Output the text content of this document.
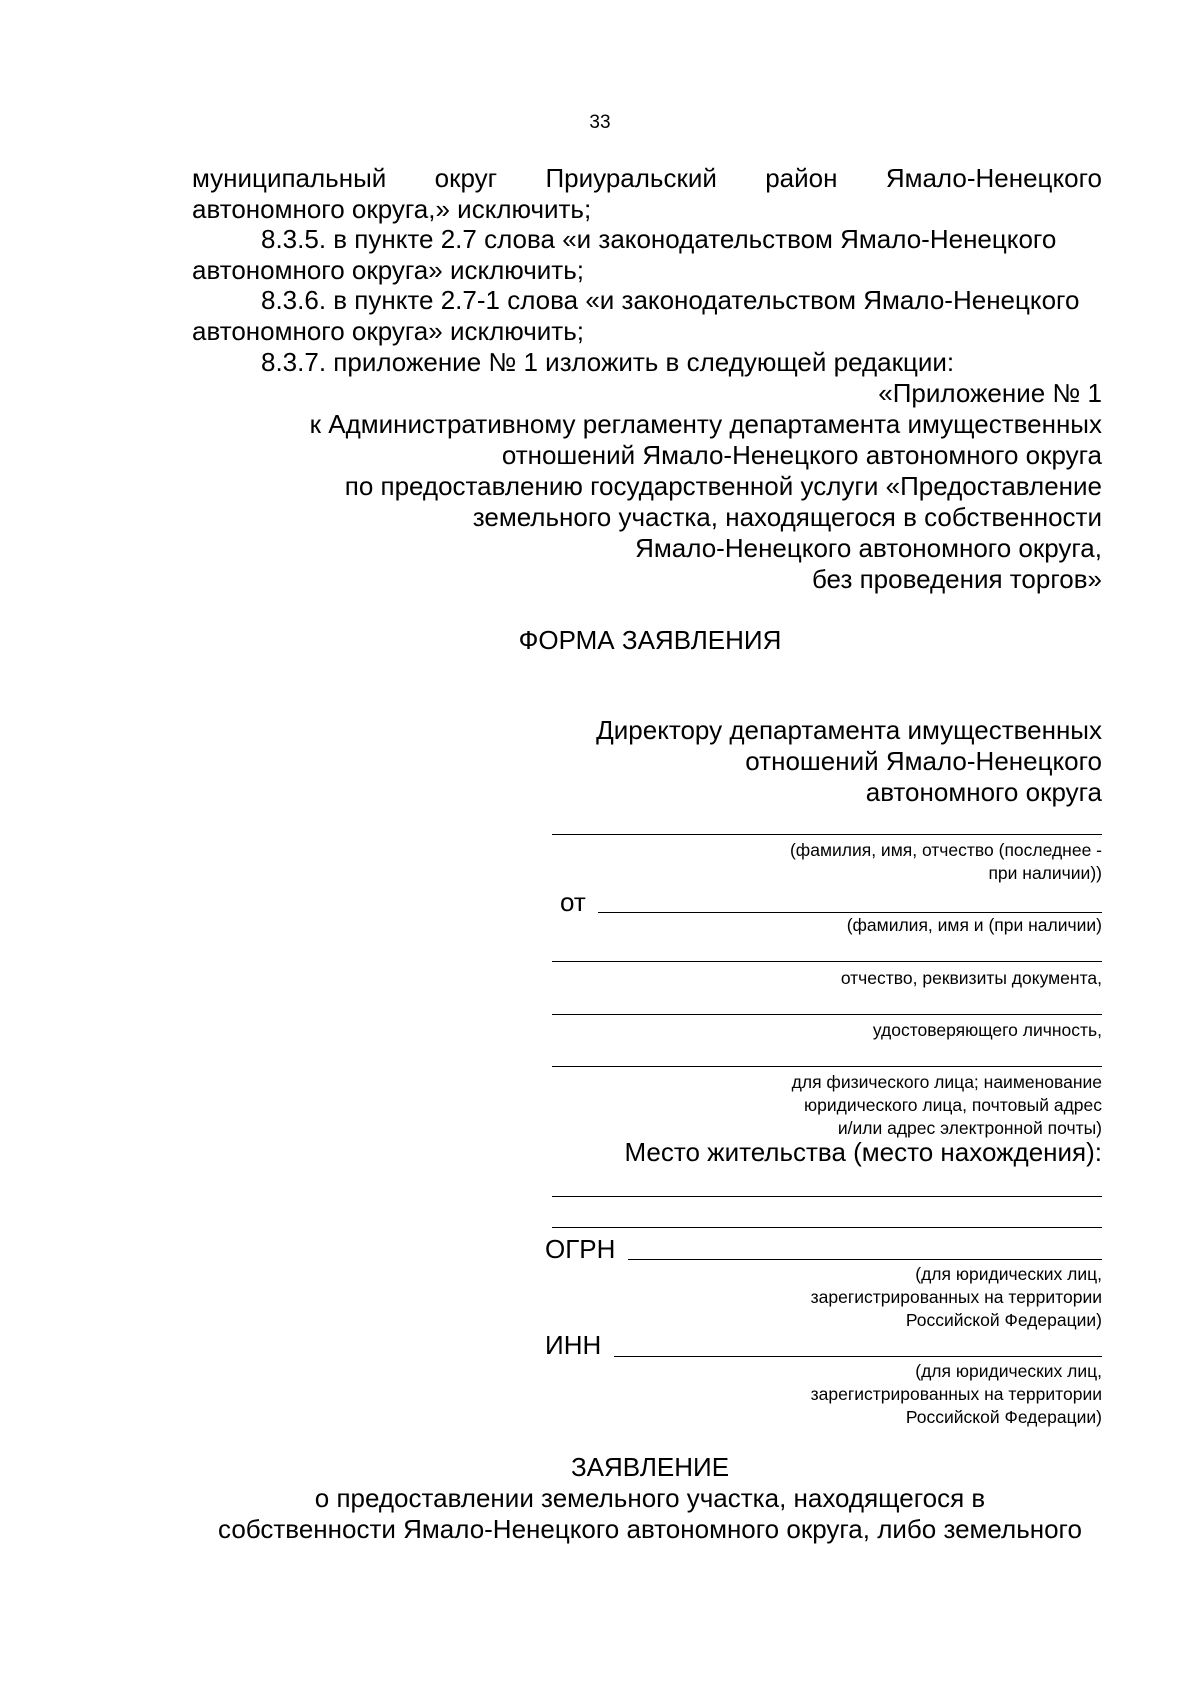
33
муниципальный округ Приуральский район Ямало-Ненецкого
автономного округа,» исключить;
8.3.5. в пункте 2.7 слова «и законодательством Ямало-Ненецкого
автономного округа» исключить;
8.3.6. в пункте 2.7-1 слова «и законодательством Ямало-Ненецкого
автономного округа» исключить;
8.3.7. приложение № 1 изложить в следующей редакции:
«Приложение № 1
к Административному регламенту департамента имущественных
отношений Ямало-Ненецкого автономного округа
по предоставлению государственной услуги «Предоставление
земельного участка, находящегося в собственности
Ямало-Ненецкого автономного округа,
без проведения торгов»
ФОРМА ЗАЯВЛЕНИЯ
Директору департамента имущественных
отношений Ямало-Ненецкого
автономного округа
(фамилия, имя, отчество (последнее -
при наличии))
от
(фамилия, имя и (при наличии)
отчество, реквизиты документа,
удостоверяющего личность,
для физического лица; наименование
юридического лица, почтовый адрес
и/или адрес электронной почты)
Место жительства (место нахождения):
ОГРН
(для юридических лиц,
зарегистрированных на территории
Российской Федерации)
ИНН
(для юридических лиц,
зарегистрированных на территории
Российской Федерации)
ЗАЯВЛЕНИЕ
о предоставлении земельного участка, находящегося в
собственности Ямало-Ненецкого автономного округа, либо земельного
